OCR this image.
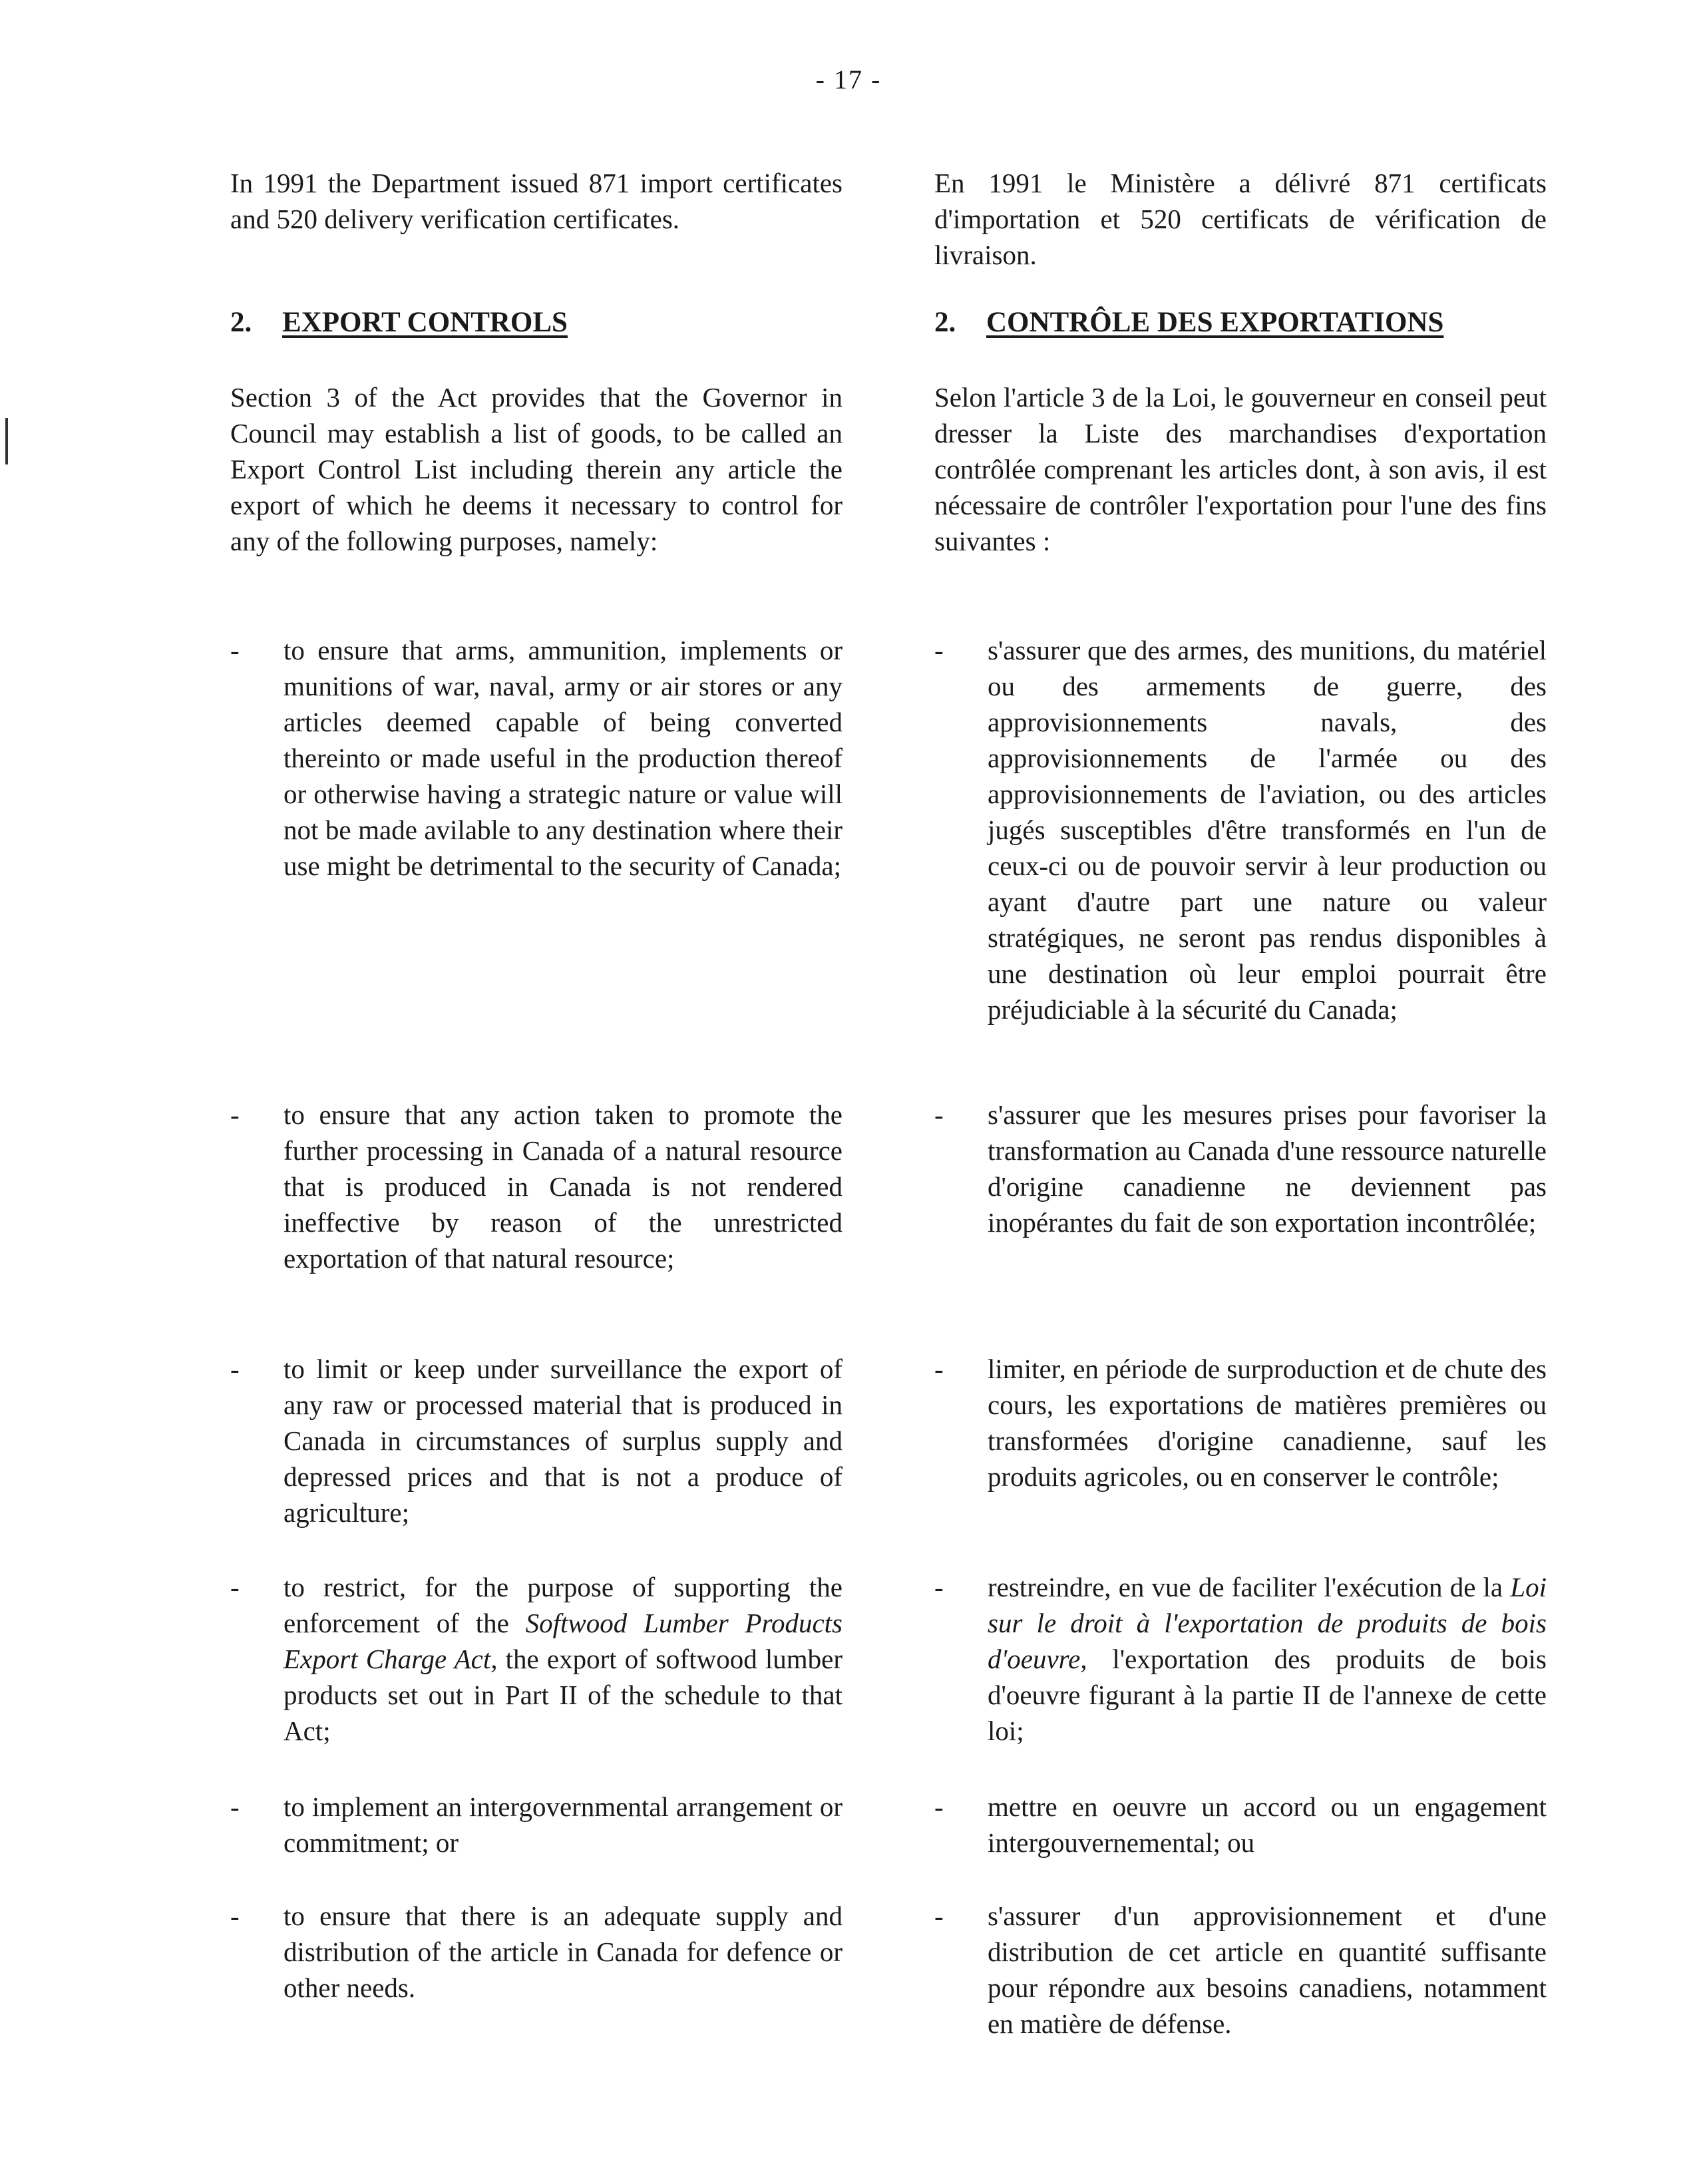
- 17 -

In 1991 the Department issued 871 import certificates and 520 delivery verification certificates.

2. EXPORT CONTROLS

Section 3 of the Act provides that the Governor in Council may establish a list of goods, to be called an Export Control List including therein any article the export of which he deems it necessary to control for any of the following purposes, namely:

-	to ensure that arms, ammunition, implements or munitions of war, naval, army or air stores or any articles deemed capable of being converted thereinto or made useful in the production thereof or otherwise having a strategic nature or value will not be made avilable to any destination where their use might be detrimental to the security of Canada;
-	to ensure that any action taken to promote the further processing in Canada of a natural resource that is produced in Canada is not rendered ineffective by reason of the unrestricted exportation of that natural resource;
-	to limit or keep under surveillance the export of any raw or processed material that is produced in Canada in circumstances of surplus supply and depressed prices and that is not a produce of agriculture;
-	to restrict, for the purpose of supporting the enforcement of the Softwood Lumber Products Export Charge Act, the export of softwood lumber products set out in Part II of the schedule to that Act;
-	to implement an intergovernmental arrangement or commitment; or
-	to ensure that there is an adequate supply and distribution of the article in Canada for defence or other needs.

En 1991 le Ministère a délivré 871 certificats d'importation et 520 certificats de vérification de livraison.

2. CONTRÔLE DES EXPORTATIONS

Selon l'article 3 de la Loi, le gouverneur en conseil peut dresser la Liste des marchandises d'exportation contrôlée comprenant les articles dont, à son avis, il est nécessaire de contrôler l'exportation pour l'une des fins suivantes :

-	s'assurer que des armes, des munitions, du matériel ou des armements de guerre, des approvisionnements navals, des approvisionnements de l'armée ou des approvisionnements de l'aviation, ou des articles jugés susceptibles d'être transformés en l'un de ceux-ci ou de pouvoir servir à leur production ou ayant d'autre part une nature ou valeur stratégiques, ne seront pas rendus disponibles à une destination où leur emploi pourrait être préjudiciable à la sécurité du Canada;
-	s'assurer que les mesures prises pour favoriser la transformation au Canada d'une ressource naturelle d'origine canadienne ne deviennent pas inopérantes du fait de son exportation incontrôlée;
-	limiter, en période de surproduction et de chute des cours, les exportations de matières premières ou transformées d'origine canadienne, sauf les produits agricoles, ou en conserver le contrôle;
-	restreindre, en vue de faciliter l'exécution de la Loi sur le droit à l'exportation de produits de bois d'oeuvre, l'exportation des produits de bois d'oeuvre figurant à la partie II de l'annexe de cette loi;
-	mettre en oeuvre un accord ou un engagement intergouvernemental; ou
-	s'assurer d'un approvisionnement et d'une distribution de cet article en quantité suffisante pour répondre aux besoins canadiens, notamment en matière de défense.
